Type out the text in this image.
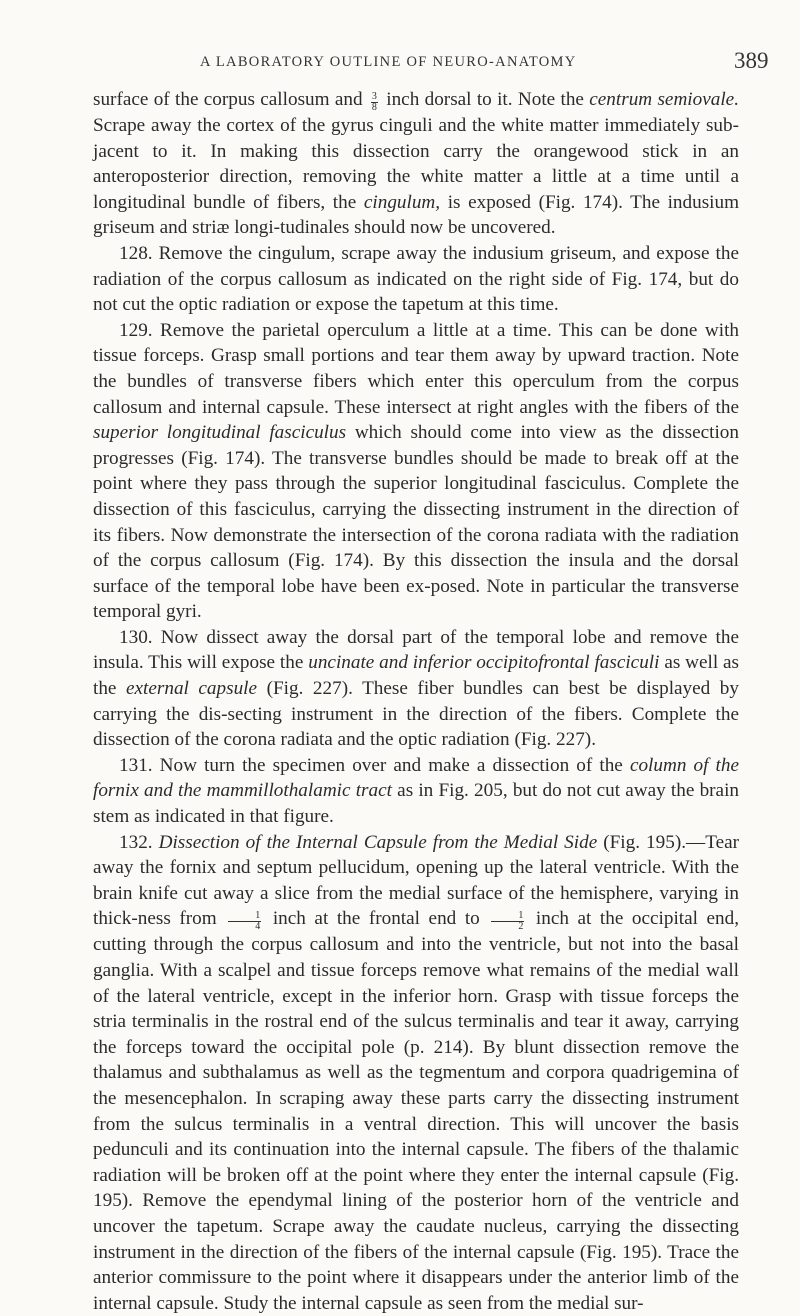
A LABORATORY OUTLINE OF NEURO-ANATOMY	389

surface of the corpus callosum and $\frac{3}{8}$ inch dorsal to it. Note the centrum semiovale. Scrape away the cortex of the gyrus cinguli and the white matter immediately sub-jacent to it. In making this dissection carry the orangewood stick in an anteroposterior direction, removing the white matter a little at a time until a longitudinal bundle of fibers, the cingulum, is exposed (Fig. 174). The indusium griseum and striæ longi-tudinales should now be uncovered.

128. Remove the cingulum, scrape away the indusium griseum, and expose the radiation of the corpus callosum as indicated on the right side of Fig. 174, but do not cut the optic radiation or expose the tapetum at this time.

129. Remove the parietal operculum a little at a time. This can be done with tissue forceps. Grasp small portions and tear them away by upward traction. Note the bundles of transverse fibers which enter this operculum from the corpus callosum and internal capsule. These intersect at right angles with the fibers of the superior longitudinal fasciculus which should come into view as the dissection progresses (Fig. 174). The transverse bundles should be made to break off at the point where they pass through the superior longitudinal fasciculus. Complete the dissection of this fasciculus, carrying the dissecting instrument in the direction of its fibers. Now demonstrate the intersection of the corona radiata with the radiation of the corpus callosum (Fig. 174). By this dissection the insula and the dorsal surface of the temporal lobe have been ex-posed. Note in particular the transverse temporal gyri.

130. Now dissect away the dorsal part of the temporal lobe and remove the insula. This will expose the uncinate and inferior occipitofrontal fasciculi as well as the external capsule (Fig. 227). These fiber bundles can best be displayed by carrying the dis-secting instrument in the direction of the fibers. Complete the dissection of the corona radiata and the optic radiation (Fig. 227).

131. Now turn the specimen over and make a dissection of the column of the fornix and the mammillothalamic tract as in Fig. 205, but do not cut away the brain stem as indicated in that figure.

132. Dissection of the Internal Capsule from the Medial Side (Fig. 195).—Tear away the fornix and septum pellucidum, opening up the lateral ventricle. With the brain knife cut away a slice from the medial surface of the hemisphere, varying in thick-ness from $\frac{1}{4}$ inch at the frontal end to $\frac{1}{2}$ inch at the occipital end, cutting through the corpus callosum and into the ventricle, but not into the basal ganglia. With a scalpel and tissue forceps remove what remains of the medial wall of the lateral ventricle, except in the inferior horn. Grasp with tissue forceps the stria terminalis in the rostral end of the sulcus terminalis and tear it away, carrying the forceps toward the occipital pole (p. 214). By blunt dissection remove the thalamus and subthalamus as well as the tegmentum and corpora quadrigemina of the mesencephalon. In scraping away these parts carry the dissecting instrument from the sulcus terminalis in a ventral direction. This will uncover the basis pedunculi and its continuation into the internal capsule. The fibers of the thalamic radiation will be broken off at the point where they enter the internal capsule (Fig. 195). Remove the ependymal lining of the posterior horn of the ventricle and uncover the tapetum. Scrape away the caudate nucleus, carrying the dissecting instrument in the direction of the fibers of the internal capsule (Fig. 195). Trace the anterior commissure to the point where it disappears under the anterior limb of the internal capsule. Study the internal capsule as seen from the medial sur-
